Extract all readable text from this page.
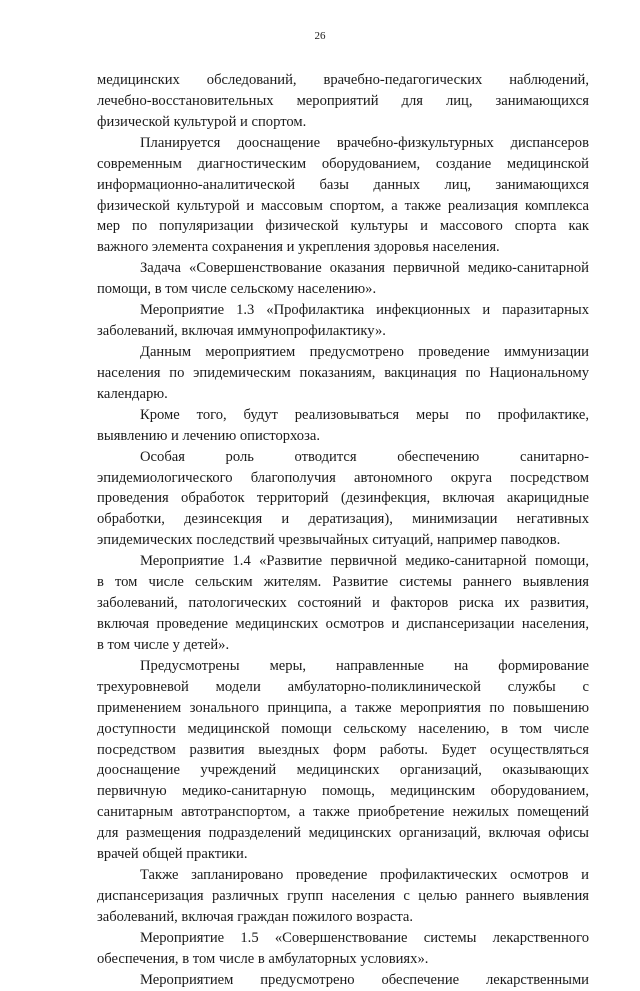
26
медицинских обследований, врачебно-педагогических наблюдений,
лечебно-восстановительных мероприятий для лиц, занимающихся
физической культурой и спортом.
Планируется дооснащение врачебно-физкультурных диспансеров
современным диагностическим оборудованием, создание медицинской
информационно-аналитической базы данных лиц, занимающихся
физической культурой и массовым спортом, а также реализация комплекса
мер по популяризации физической культуры и массового спорта как
важного элемента сохранения и укрепления здоровья населения.
Задача «Совершенствование оказания первичной медико-санитарной
помощи, в том числе сельскому населению».
Мероприятие 1.3 «Профилактика инфекционных и паразитарных
заболеваний, включая иммунопрофилактику».
Данным мероприятием предусмотрено проведение иммунизации
населения по эпидемическим показаниям, вакцинация по Национальному
календарю.
Кроме того, будут реализовываться меры по профилактике,
выявлению и лечению описторхоза.
Особая роль отводится обеспечению санитарно-
эпидемиологического благополучия автономного округа посредством
проведения обработок территорий (дезинфекция, включая акарицидные
обработки, дезинсекция и дератизация), минимизации негативных
эпидемических последствий чрезвычайных ситуаций, например паводков.
Мероприятие 1.4 «Развитие первичной медико-санитарной помощи,
в том числе сельским жителям. Развитие системы раннего выявления
заболеваний, патологических состояний и факторов риска их развития,
включая проведение медицинских осмотров и диспансеризации населения,
в том числе у детей».
Предусмотрены меры, направленные на формирование
трехуровневой модели амбулаторно-поликлинической службы с
применением зонального принципа, а также мероприятия по повышению
доступности медицинской помощи сельскому населению, в том числе
посредством развития выездных форм работы. Будет осуществляться
дооснащение учреждений медицинских организаций, оказывающих
первичную медико-санитарную помощь, медицинским оборудованием,
санитарным автотранспортом, а также приобретение нежилых помещений
для размещения подразделений медицинских организаций, включая офисы
врачей общей практики.
Также запланировано проведение профилактических осмотров и
диспансеризация различных групп населения с целью раннего выявления
заболеваний, включая граждан пожилого возраста.
Мероприятие 1.5 «Совершенствование системы лекарственного
обеспечения, в том числе в амбулаторных условиях».
Мероприятием предусмотрено обеспечение лекарственными
